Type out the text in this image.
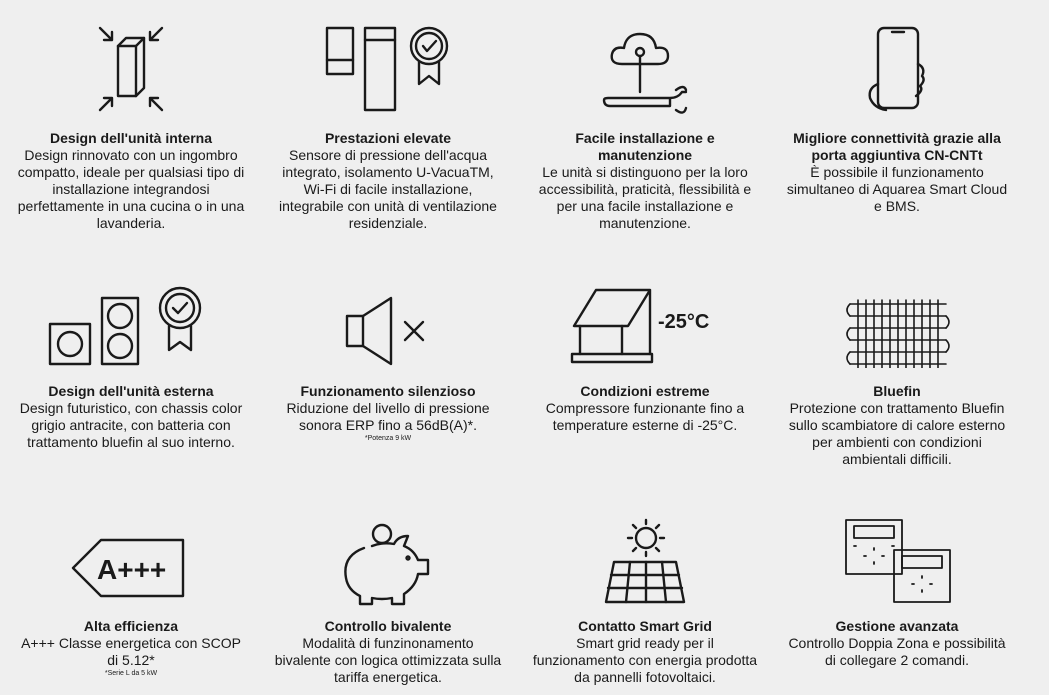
Design dell'unità interna
Design rinnovato con un ingombro
compatto, ideale per qualsiasi tipo di
installazione integrandosi
perfettamente in una cucina o in una
lavanderia.
Prestazioni elevate
Sensore di pressione dell'acqua
integrato, isolamento U-VacuaTM,
Wi-Fi di facile installazione,
integrabile con unità di ventilazione
residenziale.
Facile installazione e
manutenzione
Le unità si distinguono per la loro
accessibilità, praticità, flessibilità e
per una facile installazione e
manutenzione.
Migliore connettività grazie alla
porta aggiuntiva CN-CNTt
È possibile il funzionamento
simultaneo di Aquarea Smart Cloud
e BMS.
Design dell'unità esterna
Design futuristico, con chassis color
grigio antracite, con batteria con
trattamento bluefin al suo interno.
Funzionamento silenzioso
Riduzione del livello di pressione
sonora ERP fino a 56dB(A)*.
*Potenza 9 kW
-25°C
Condizioni estreme
Compressore funzionante fino a
temperature esterne di -25°C.
Bluefin
Protezione con trattamento Bluefin
sullo scambiatore di calore esterno
per ambienti con condizioni
ambientali difficili.
A+++
Alta efficienza
A+++ Classe energetica con SCOP
di 5.12*
*Serie L da 5 kW
Controllo bivalente
Modalità di funzinonamento
bivalente con logica ottimizzata sulla
tariffa energetica.
Contatto Smart Grid
Smart grid ready per il
funzionamento con energia prodotta
da pannelli fotovoltaici.
Gestione avanzata
Controllo Doppia Zona e possibilità
di collegare 2 comandi.
